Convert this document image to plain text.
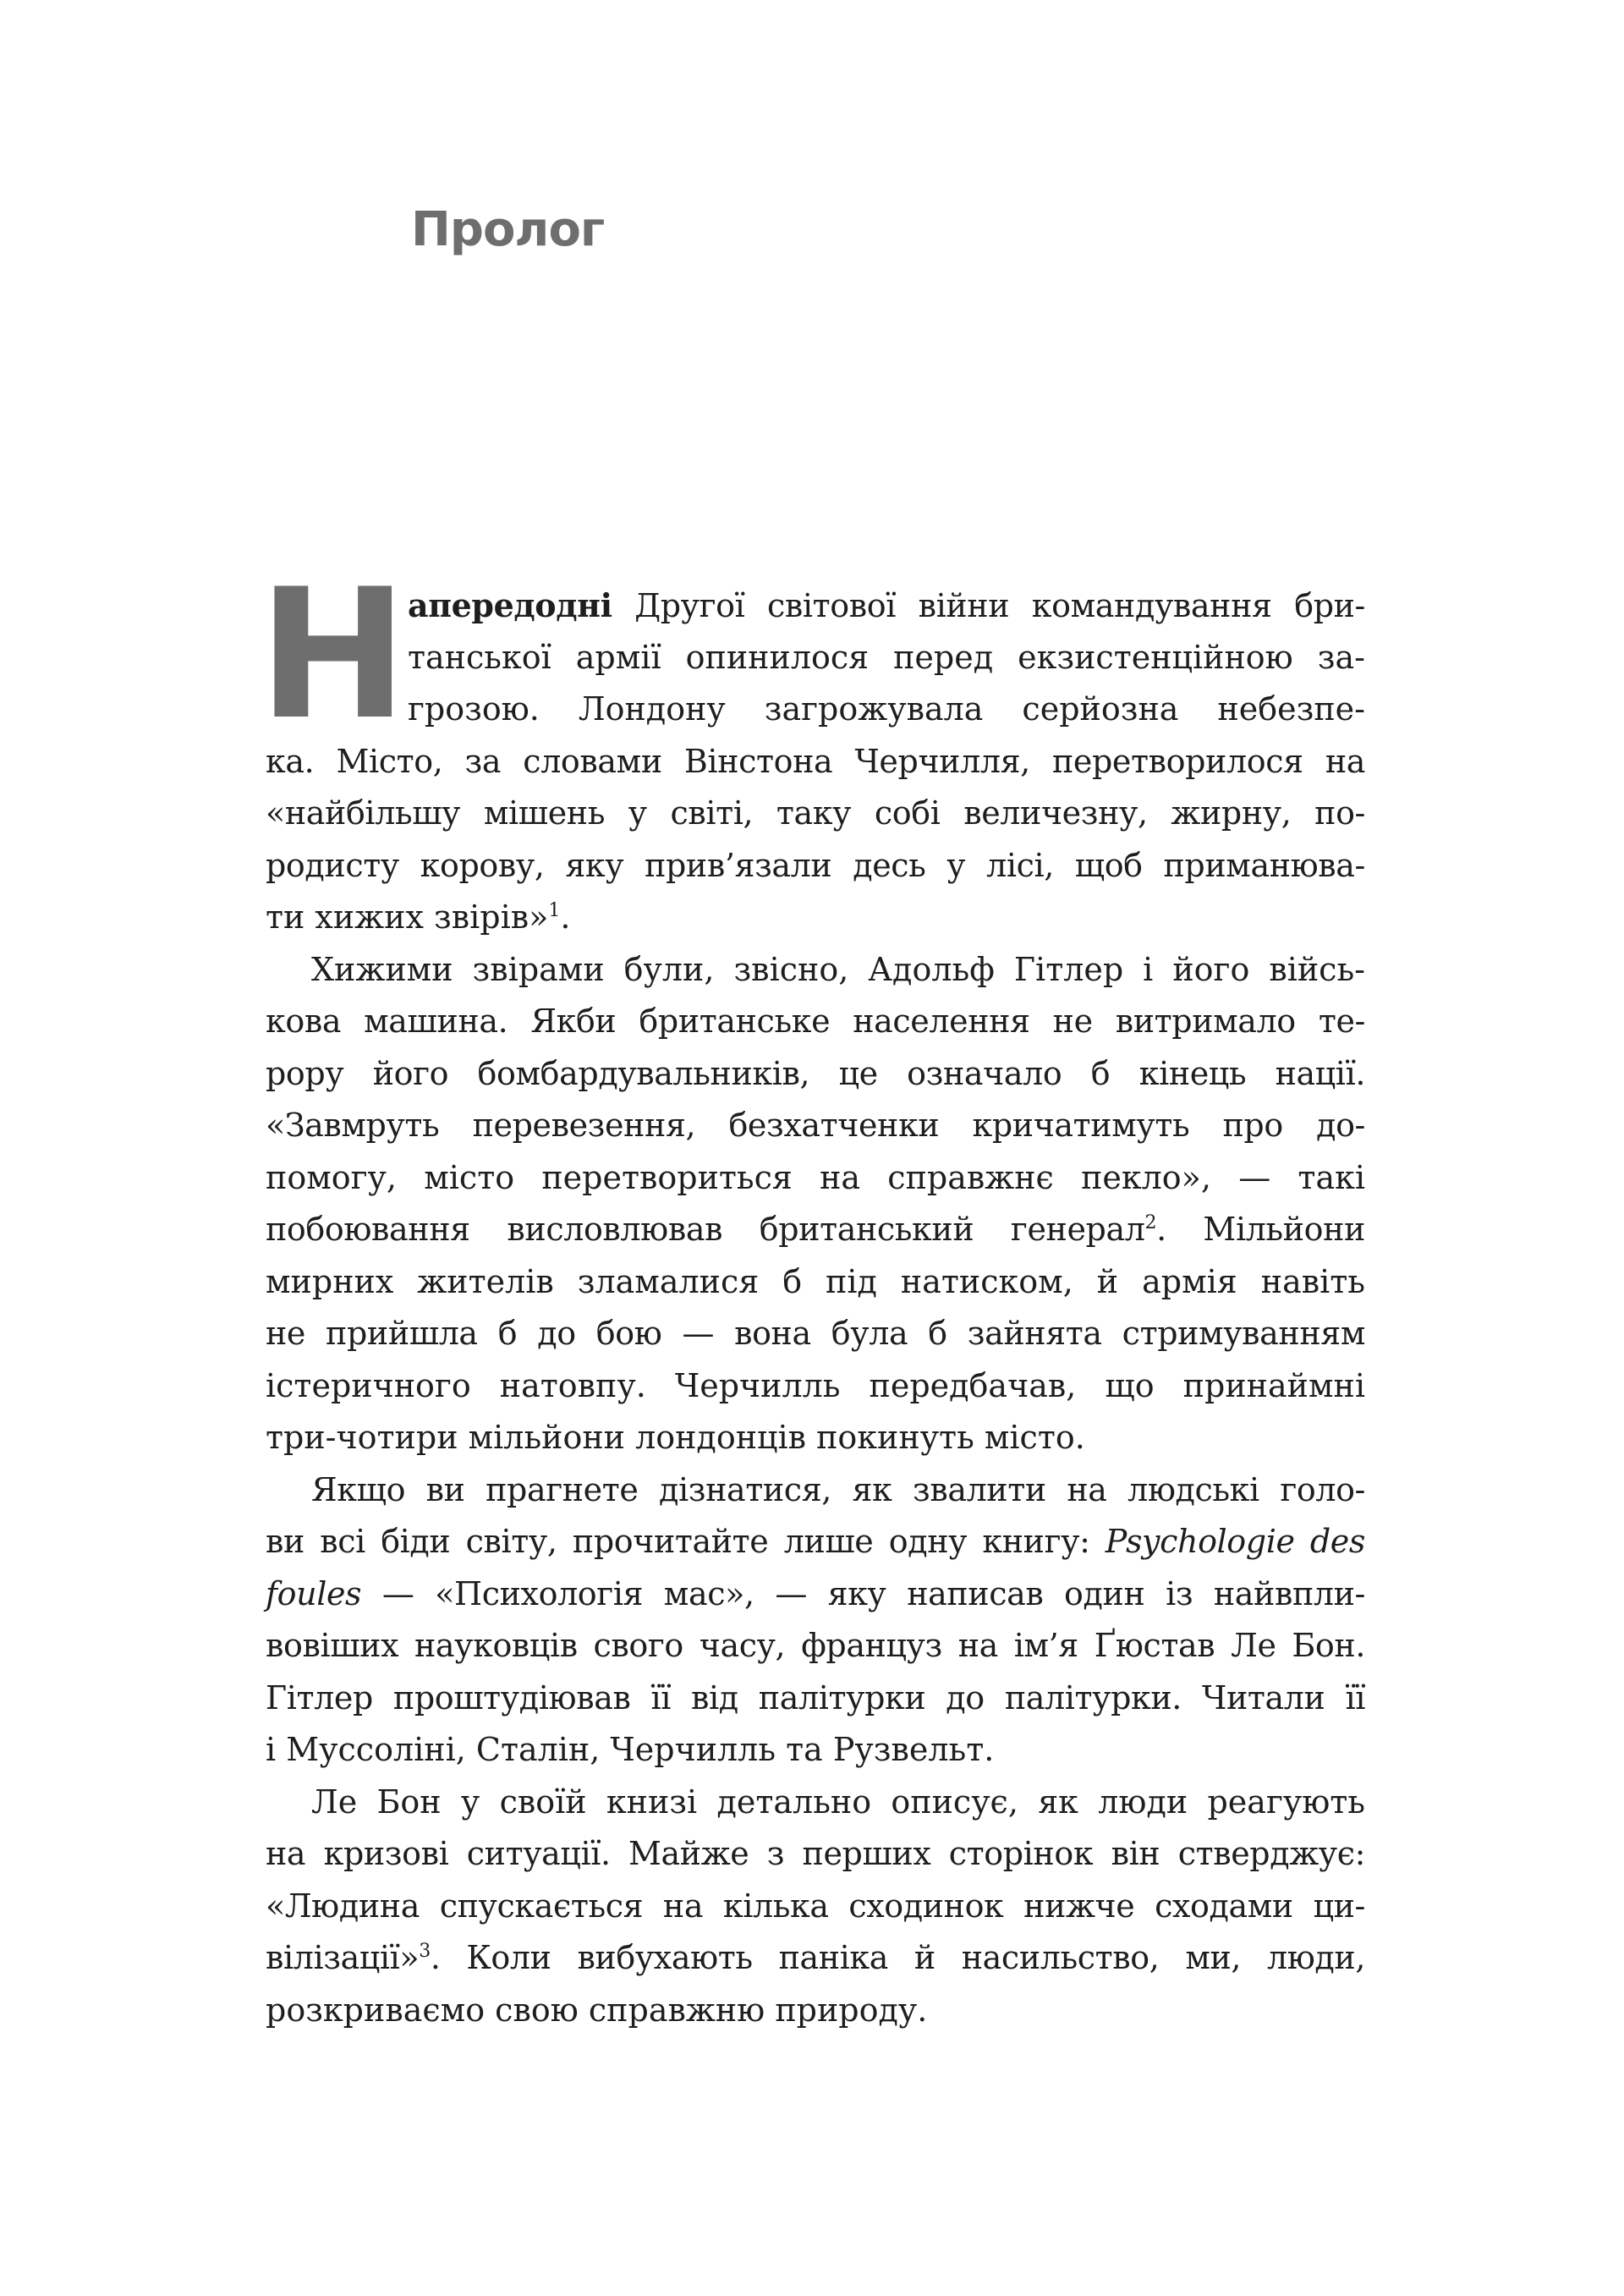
Пролог
Н апередодні Другої світової війни командування бри-
танської армії опинилося перед екзистенційною за-
грозою. Лондону загрожувала серйозна небезпе-
ка. Місто, за словами Вінстона Черчилля, перетворилося на
«найбільшу мішень у світі, таку собі величезну, жирну, по-
родисту корову, яку прив’язали десь у лісі, щоб приманюва-
ти хижих звірів»$^1$.
Хижими звірами були, звісно, Адольф Гітлер і його війсь-
кова машина. Якби британське населення не витримало те-
рору його бомбардувальників, це означало б кінець нації.
«Завмруть перевезення, безхатченки кричатимуть про до-
помогу, місто перетвориться на справжнє пекло», — такі
побоювання висловлював британський генерал$^2$. Мільйони
мирних жителів зламалися б під натиском, й армія навіть
не прийшла б до бою — вона була б зайнята стримуванням
істеричного натовпу. Черчилль передбачав, що принаймні
три-чотири мільйони лондонців покинуть місто.
Якщо ви прагнете дізнатися, як звалити на людські голо-
ви всі біди світу, прочитайте лише одну книгу: Psychologie des
foules — «Психологія мас», — яку написав один із найвпли-
вовіших науковців свого часу, француз на ім’я Ґюстав Ле Бон.
Гітлер проштудіював її від палітурки до палітурки. Читали її
і Муссоліні, Сталін, Черчилль та Рузвельт.
Ле Бон у своїй книзі детально описує, як люди реагують
на кризові ситуації. Майже з перших сторінок він стверджує:
«Людина спускається на кілька сходинок нижче сходами ци-
вілізації»$^3$. Коли вибухають паніка й насильство, ми, люди,
розкриваємо свою справжню природу.
